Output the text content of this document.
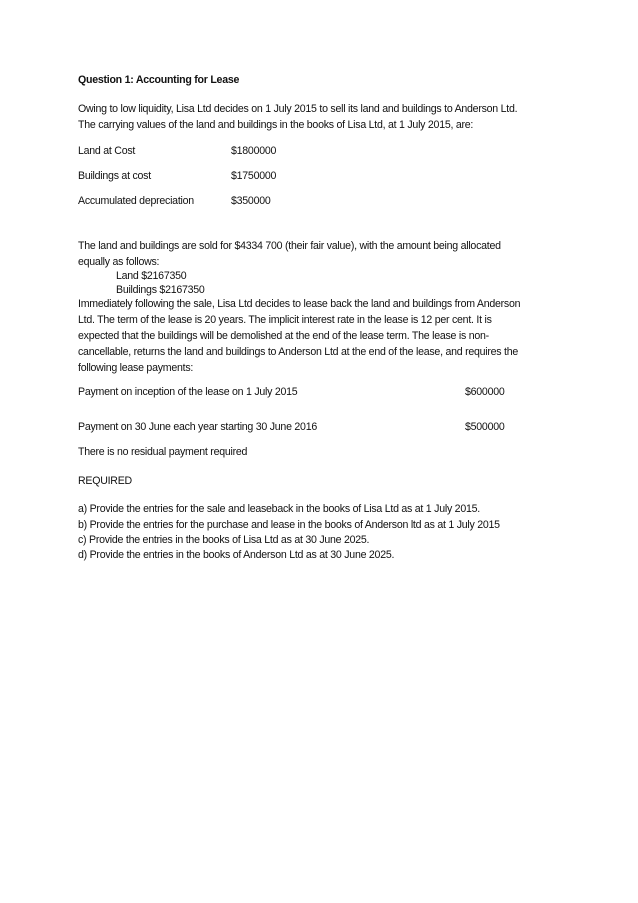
Question 1: Accounting for Lease
Owing to low liquidity, Lisa Ltd decides on 1 July 2015 to sell its land and buildings to Anderson Ltd.
The carrying values of the land and buildings in the books of Lisa Ltd, at 1 July 2015, are:
Land at Cost	$1800000
Buildings at cost	$1750000
Accumulated depreciation	$350000
The land and buildings are sold for $4334 700 (their fair value), with the amount being allocated
equally as follows:
Land $2167350
Buildings $2167350
Immediately following the sale, Lisa Ltd decides to lease back the land and buildings from Anderson
Ltd. The term of the lease is 20 years. The implicit interest rate in the lease is 12 per cent. It is
expected that the buildings will be demolished at the end of the lease term. The lease is non-
cancellable, returns the land and buildings to Anderson Ltd at the end of the lease, and requires the
following lease payments:
Payment on inception of the lease on 1 July 2015	$600000
Payment on 30 June each year starting 30 June 2016	$500000
There is no residual payment required
REQUIRED
a) Provide the entries for the sale and leaseback in the books of Lisa Ltd as at 1 July 2015.
b) Provide the entries for the purchase and lease in the books of Anderson ltd as at 1 July 2015
c) Provide the entries in the books of Lisa Ltd as at 30 June 2025.
d) Provide the entries in the books of Anderson Ltd as at 30 June 2025.
